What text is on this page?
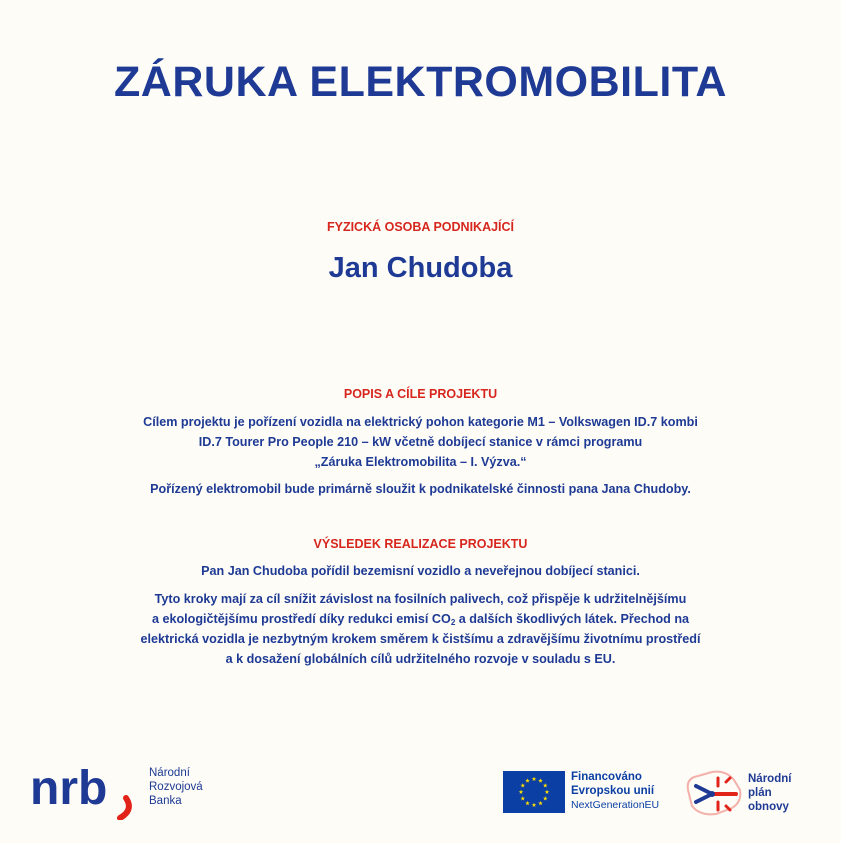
ZÁRUKA ELEKTROMOBILITA
FYZICKÁ OSOBA PODNIKAJÍCÍ
Jan Chudoba
POPIS A CÍLE PROJEKTU
Cílem projektu je pořízení vozidla na elektrický pohon kategorie M1 – Volkswagen ID.7 kombi
ID.7 Tourer Pro People 210 – kW včetně dobíjecí stanice v rámci programu
„Záruka Elektromobilita – I. Výzva.“
Pořízený elektromobil bude primárně sloužit k podnikatelské činnosti pana Jana Chudoby.
VÝSLEDEK REALIZACE PROJEKTU
Pan Jan Chudoba pořídil bezemisní vozidlo a neveřejnou dobíjecí stanici.
Tyto kroky mají za cíl snížit závislost na fosilních palivech, což přispěje k udržitelnějšímu
a ekologičtějšímu prostředí díky redukci emisí $CO_2$ a dalších škodlivých látek. Přechod na
elektrická vozidla je nezbytným krokem směrem k čistšímu a zdravějšímu životnímu prostředí
a k dosažení globálních cílů udržitelného rozvoje v souladu s EU.
nrb	Národní
Rozvojová
Banka
Financováno
Evropskou unií
NextGenerationEU
Národní
plán
obnovy
